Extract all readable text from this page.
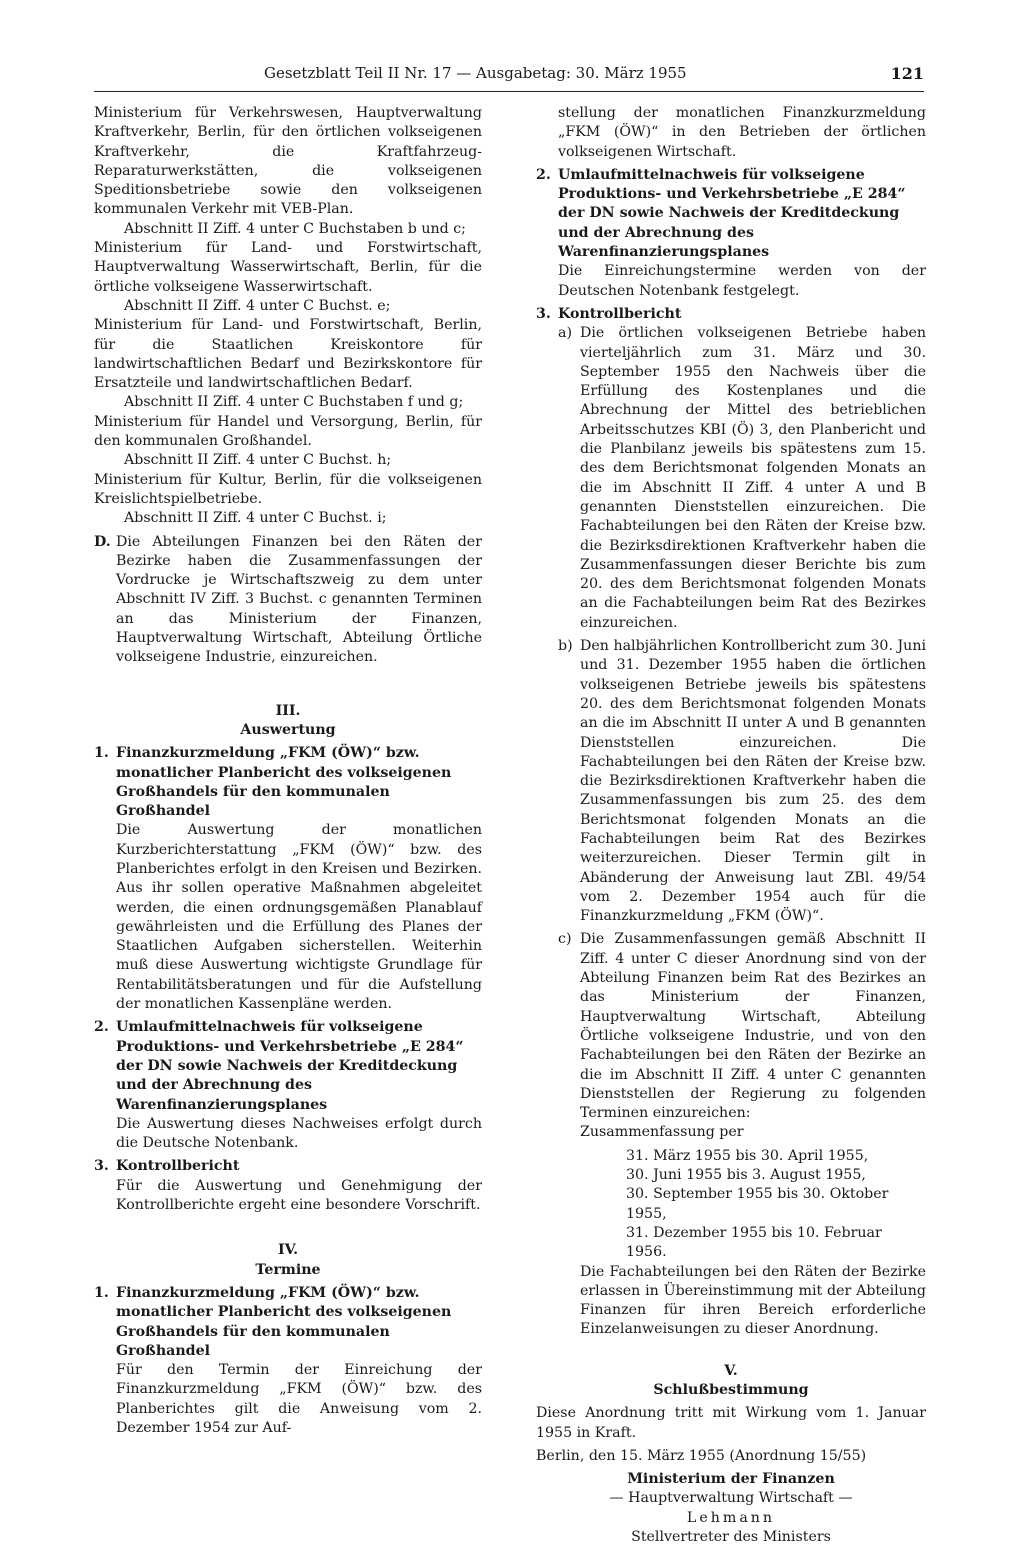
Gesetzblatt Teil II Nr. 17 — Ausgabetag: 30. März 1955	121

Ministerium für Verkehrswesen, Hauptverwaltung Kraftverkehr, Berlin, für den örtlichen volkseigenen Kraftverkehr, die Kraftfahrzeug-Reparaturwerkstätten, die volkseigenen Speditionsbetriebe sowie den volkseigenen kommunalen Verkehr mit VEB-Plan.

Abschnitt II Ziff. 4 unter C Buchstaben b und c;

Ministerium für Land- und Forstwirtschaft, Hauptverwaltung Wasserwirtschaft, Berlin, für die örtliche volkseigene Wasserwirtschaft.

Abschnitt II Ziff. 4 unter C Buchst. e;

Ministerium für Land- und Forstwirtschaft, Berlin, für die Staatlichen Kreiskontore für landwirtschaftlichen Bedarf und Bezirkskontore für Ersatzteile und landwirtschaftlichen Bedarf.

Abschnitt II Ziff. 4 unter C Buchstaben f und g;

Ministerium für Handel und Versorgung, Berlin, für den kommunalen Großhandel.

Abschnitt II Ziff. 4 unter C Buchst. h;

Ministerium für Kultur, Berlin, für die volkseigenen Kreislichtspielbetriebe.

Abschnitt II Ziff. 4 unter C Buchst. i;

D. Die Abteilungen Finanzen bei den Räten der Bezirke haben die Zusammenfassungen der Vordrucke je Wirtschaftszweig zu dem unter Abschnitt IV Ziff. 3 Buchst. c genannten Terminen an das Ministerium der Finanzen, Hauptverwaltung Wirtschaft, Abteilung Örtliche volkseigene Industrie, einzureichen.

III.

Auswertung

1. Finanzkurzmeldung „FKM (ÖW)“ bzw. monatlicher Planbericht des volkseigenen Großhandels für den kommunalen Großhandel

Die Auswertung der monatlichen Kurzberichterstattung „FKM (ÖW)“ bzw. des Planberichtes erfolgt in den Kreisen und Bezirken. Aus ihr sollen operative Maßnahmen abgeleitet werden, die einen ordnungsgemäßen Planablauf gewährleisten und die Erfüllung des Planes der Staatlichen Aufgaben sicherstellen. Weiterhin muß diese Auswertung wichtigste Grundlage für Rentabilitätsberatungen und für die Aufstellung der monatlichen Kassenpläne werden.

2. Umlaufmittelnachweis für volkseigene Produktions- und Verkehrsbetriebe „E 284“ der DN sowie Nachweis der Kreditdeckung und der Abrechnung des Warenfinanzierungsplanes

Die Auswertung dieses Nachweises erfolgt durch die Deutsche Notenbank.

3. Kontrollbericht

Für die Auswertung und Genehmigung der Kontrollberichte ergeht eine besondere Vorschrift.

IV.

Termine

1. Finanzkurzmeldung „FKM (ÖW)“ bzw. monatlicher Planbericht des volkseigenen Großhandels für den kommunalen Großhandel

Für den Termin der Einreichung der Finanzkurzmeldung „FKM (ÖW)“ bzw. des Planberichtes gilt die Anweisung vom 2. Dezember 1954 zur Auf-

stellung der monatlichen Finanzkurzmeldung „FKM (ÖW)“ in den Betrieben der örtlichen volkseigenen Wirtschaft.

2. Umlaufmittelnachweis für volkseigene Produktions- und Verkehrsbetriebe „E 284“ der DN sowie Nachweis der Kreditdeckung und der Abrechnung des Warenfinanzierungsplanes

Die Einreichungstermine werden von der Deutschen Notenbank festgelegt.

3. Kontrollbericht

a) Die örtlichen volkseigenen Betriebe haben vierteljährlich zum 31. März und 30. September 1955 den Nachweis über die Erfüllung des Kostenplanes und die Abrechnung der Mittel des betrieblichen Arbeitsschutzes KBI (Ö) 3, den Planbericht und die Planbilanz jeweils bis spätestens zum 15. des dem Berichtsmonat folgenden Monats an die im Abschnitt II Ziff. 4 unter A und B genannten Dienststellen einzureichen. Die Fachabteilungen bei den Räten der Kreise bzw. die Bezirksdirektionen Kraftverkehr haben die Zusammenfassungen dieser Berichte bis zum 20. des dem Berichtsmonat folgenden Monats an die Fachabteilungen beim Rat des Bezirkes einzureichen.

b) Den halbjährlichen Kontrollbericht zum 30. Juni und 31. Dezember 1955 haben die örtlichen volkseigenen Betriebe jeweils bis spätestens 20. des dem Berichtsmonat folgenden Monats an die im Abschnitt II unter A und B genannten Dienststellen einzureichen. Die Fachabteilungen bei den Räten der Kreise bzw. die Bezirksdirektionen Kraftverkehr haben die Zusammenfassungen bis zum 25. des dem Berichtsmonat folgenden Monats an die Fachabteilungen beim Rat des Bezirkes weiterzureichen. Dieser Termin gilt in Abänderung der Anweisung laut ZBl. 49/54 vom 2. Dezember 1954 auch für die Finanzkurzmeldung „FKM (ÖW)“.

c) Die Zusammenfassungen gemäß Abschnitt II Ziff. 4 unter C dieser Anordnung sind von der Abteilung Finanzen beim Rat des Bezirkes an das Ministerium der Finanzen, Hauptverwaltung Wirtschaft, Abteilung Örtliche volkseigene Industrie, und von den Fachabteilungen bei den Räten der Bezirke an die im Abschnitt II Ziff. 4 unter C genannten Dienststellen der Regierung zu folgenden Terminen einzureichen:

Zusammenfassung per

31. März 1955 bis 30. April 1955,

30. Juni 1955 bis 3. August 1955,

30. September 1955 bis 30. Oktober 1955,

31. Dezember 1955 bis 10. Februar 1956.

Die Fachabteilungen bei den Räten der Bezirke erlassen in Übereinstimmung mit der Abteilung Finanzen für ihren Bereich erforderliche Einzelanweisungen zu dieser Anordnung.

V.

Schlußbestimmung

Diese Anordnung tritt mit Wirkung vom 1. Januar 1955 in Kraft.

Berlin, den 15. März 1955 (Anordnung 15/55)

Ministerium der Finanzen

— Hauptverwaltung Wirtschaft —

Lehmann

Stellvertreter des Ministers
